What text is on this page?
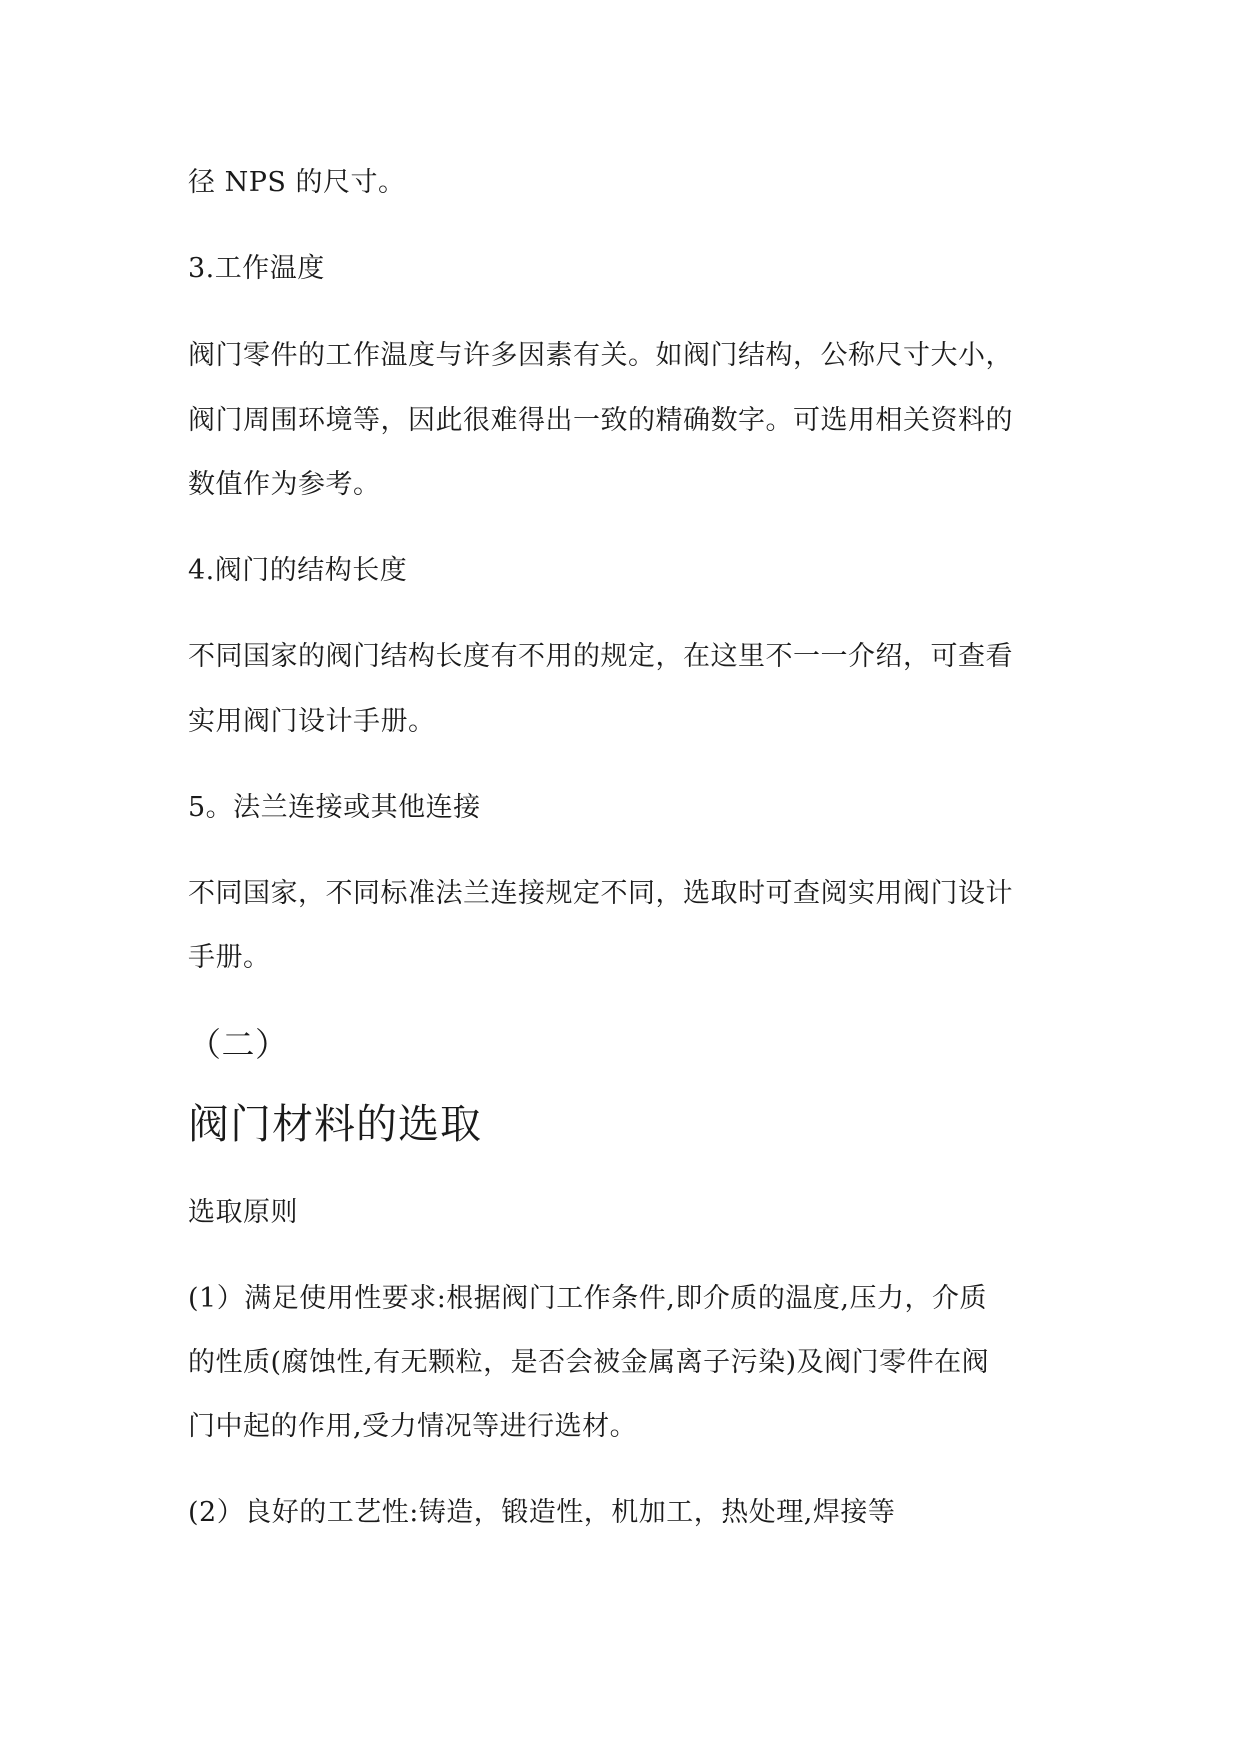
径 NPS 的尺寸。
3.工作温度
阀门零件的工作温度与许多因素有关。如阀门结构，公称尺寸大小，
阀门周围环境等，因此很难得出一致的精确数字。可选用相关资料的
数值作为参考。
4.阀门的结构长度
不同国家的阀门结构长度有不用的规定，在这里不一一介绍，可查看
实用阀门设计手册。
5。法兰连接或其他连接
不同国家，不同标准法兰连接规定不同，选取时可查阅实用阀门设计
手册。
（二）
阀门材料的选取
选取原则
(1）满足使用性要求:根据阀门工作条件,即介质的温度,压力，介质
的性质(腐蚀性,有无颗粒，是否会被金属离子污染)及阀门零件在阀
门中起的作用,受力情况等进行选材。
(2）良好的工艺性:铸造，锻造性，机加工，热处理,焊接等
